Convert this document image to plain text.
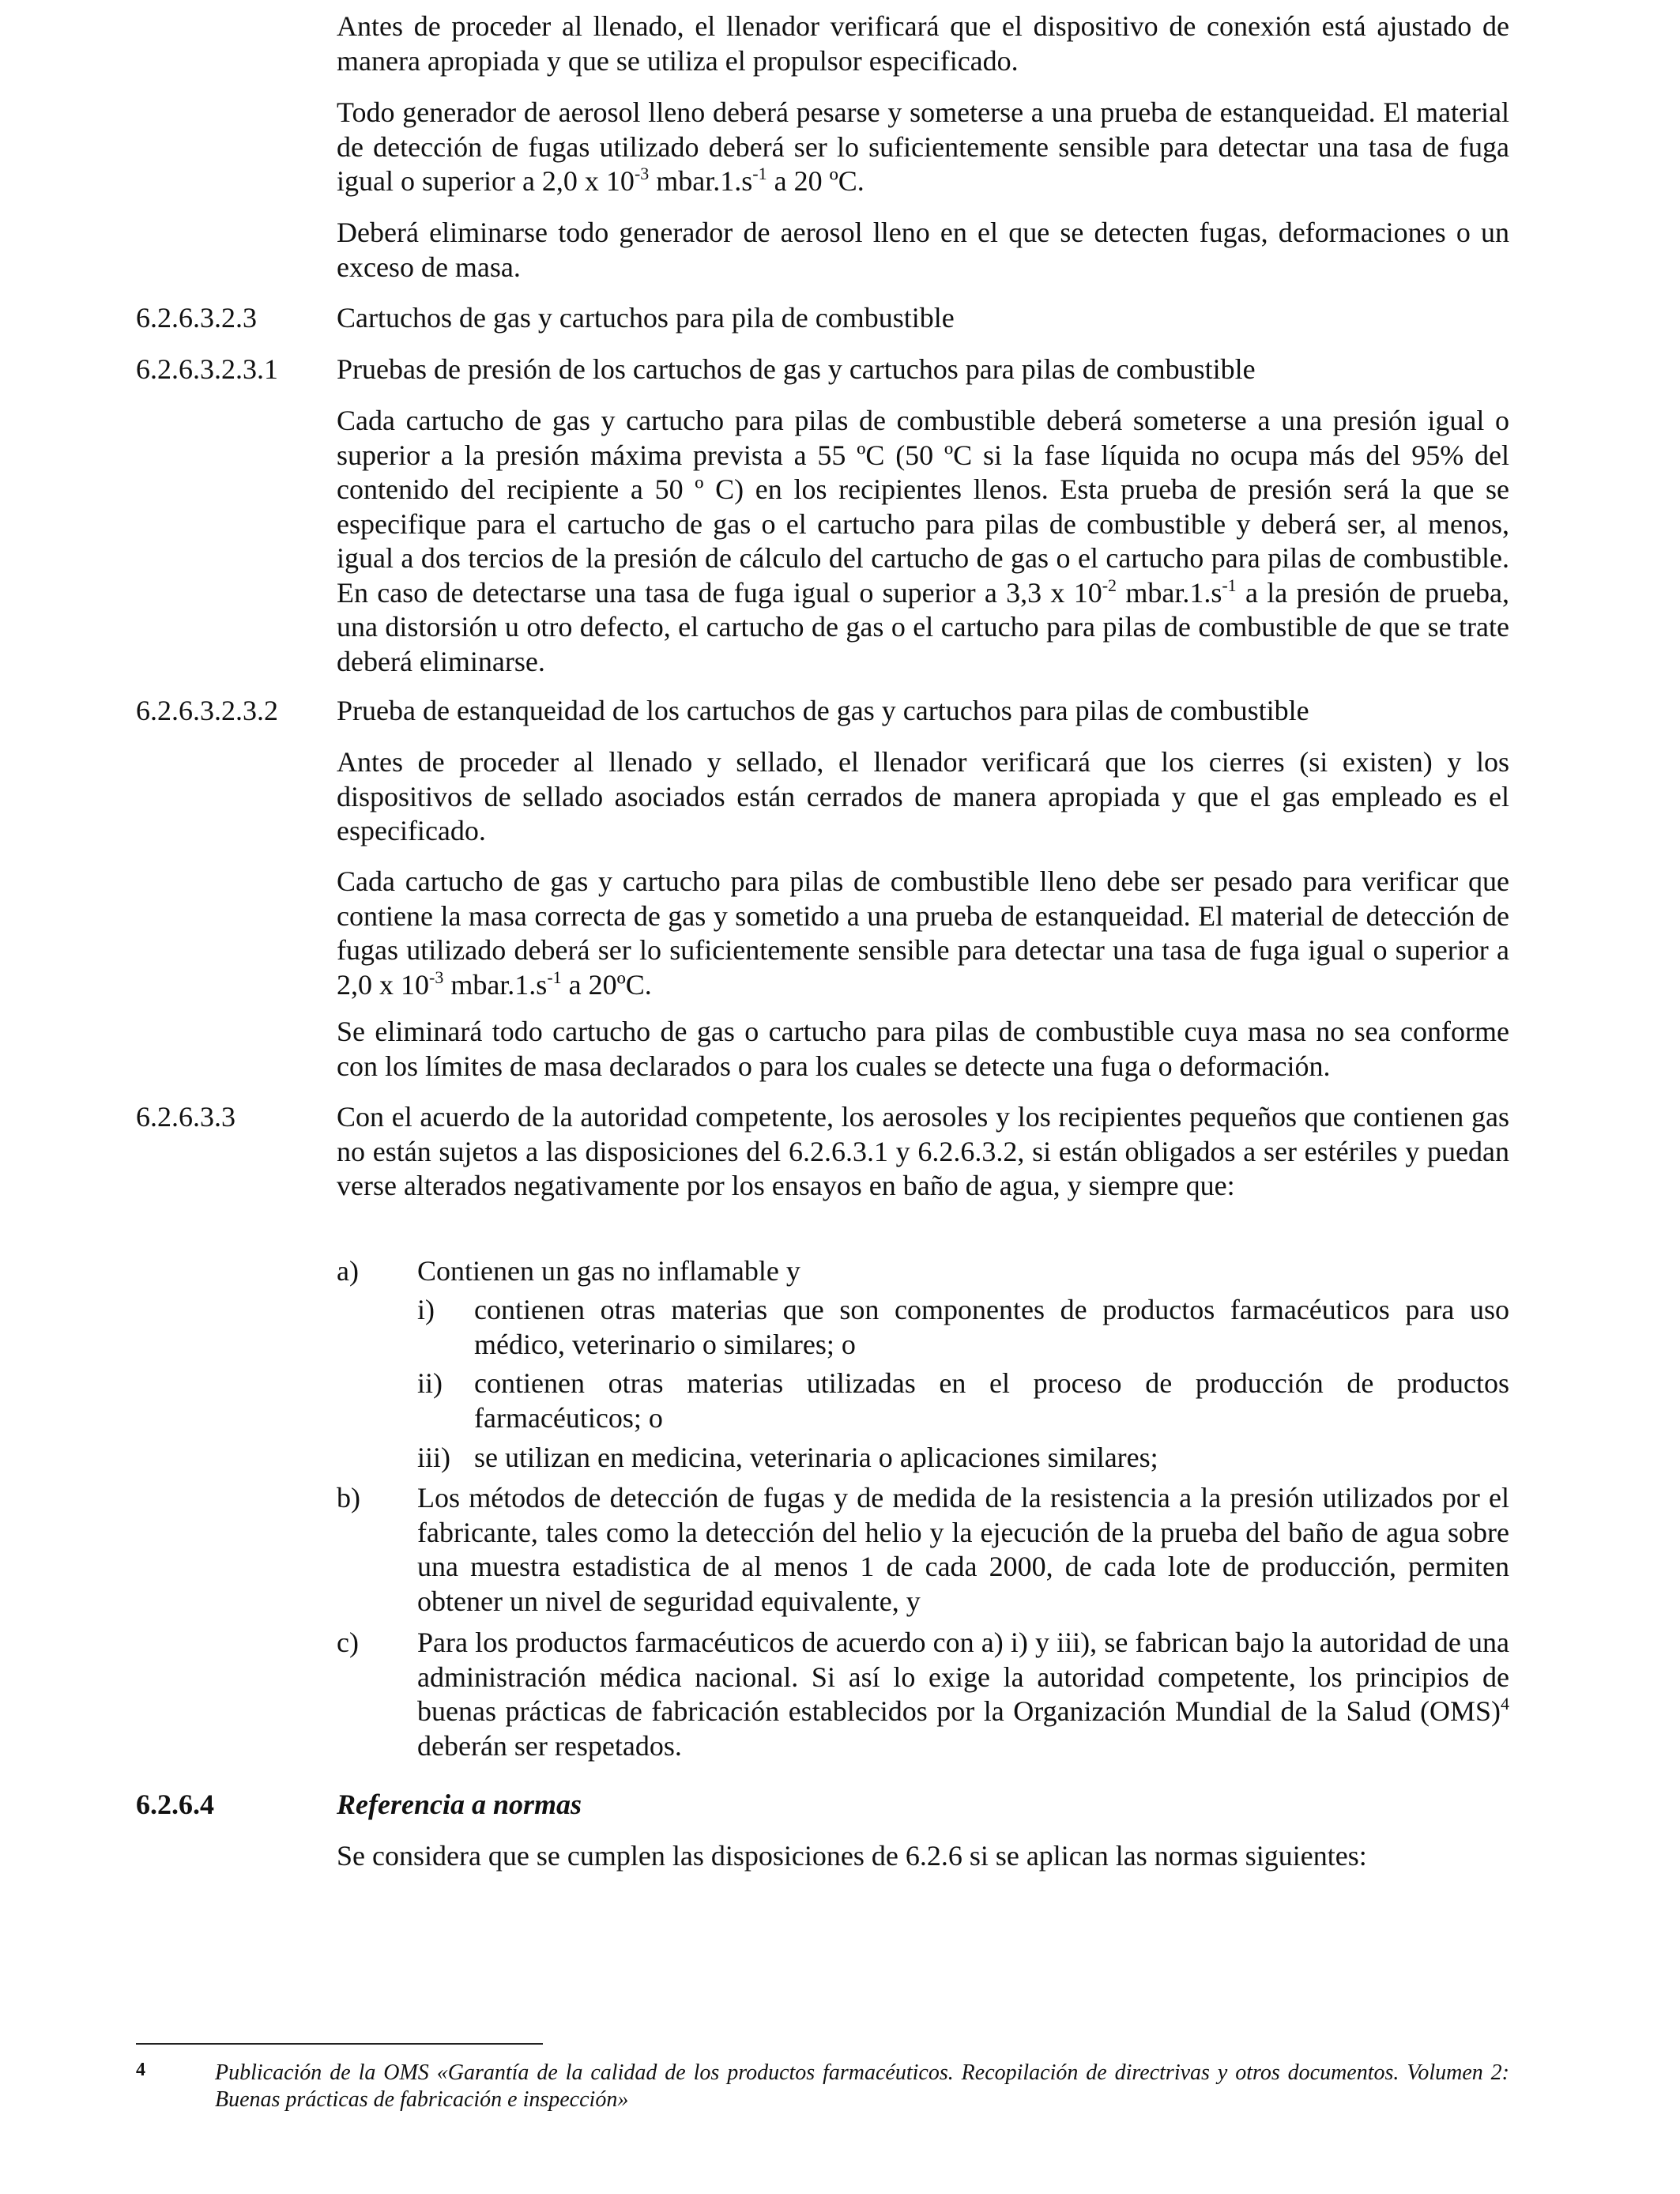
Antes de proceder al llenado, el llenador verificará que el dispositivo de conexión está ajustado de manera apropiada y que se utiliza el propulsor especificado.

Todo generador de aerosol lleno deberá pesarse y someterse a una prueba de estanqueidad. El material de detección de fugas utilizado deberá ser lo suficientemente sensible para detectar una tasa de fuga igual o superior a 2,0 x $10^{-3}$ $mbar.1.s^{-1}$ a 20 ºC.

Deberá eliminarse todo generador de aerosol lleno en el que se detecten fugas, deformaciones o un exceso de masa.

6.2.6.3.2.3	Cartuchos de gas y cartuchos para pila de combustible

6.2.6.3.2.3.1 Pruebas de presión de los cartuchos de gas y cartuchos para pilas de combustible

Cada cartucho de gas y cartucho para pilas de combustible deberá someterse a una presión igual o superior a la presión máxima prevista a 55 ºC (50 ºC si la fase líquida no ocupa más del 95% del contenido del recipiente a 50 º C) en los recipientes llenos. Esta prueba de presión será la que se especifique para el cartucho de gas o el cartucho para pilas de combustible y deberá ser, al menos, igual a dos tercios de la presión de cálculo del cartucho de gas o el cartucho para pilas de combustible. En caso de detectarse una tasa de fuga igual o superior a 3,3 x $10^{-2}$ $mbar.1.s^{-1}$ a la presión de prueba, una distorsión u otro defecto, el cartucho de gas o el cartucho para pilas de combustible de que se trate deberá eliminarse.

6.2.6.3.2.3.2 Prueba de estanqueidad de los cartuchos de gas y cartuchos para pilas de combustible

Antes de proceder al llenado y sellado, el llenador verificará que los cierres (si existen) y los dispositivos de sellado asociados están cerrados de manera apropiada y que el gas empleado es el especificado.

Cada cartucho de gas y cartucho para pilas de combustible lleno debe ser pesado para verificar que contiene la masa correcta de gas y sometido a una prueba de estanqueidad. El material de detección de fugas utilizado deberá ser lo suficientemente sensible para detectar una tasa de fuga igual o superior a 2,0 x $10^{-3}$ $mbar.1.s^{-1}$ a 20ºC.

Se eliminará todo cartucho de gas o cartucho para pilas de combustible cuya masa no sea conforme con los límites de masa declarados o para los cuales se detecte una fuga o deformación.

6.2.6.3.3	Con el acuerdo de la autoridad competente, los aerosoles y los recipientes pequeños que contienen gas no están sujetos a las disposiciones del 6.2.6.3.1 y 6.2.6.3.2, si están obligados a ser estériles y puedan verse alterados negativamente por los ensayos en baño de agua, y siempre que:

a) Contienen un gas no inflamable y

i) contienen otras materias que son componentes de productos farmacéuticos para uso médico, veterinario o similares; o

ii) contienen otras materias utilizadas en el proceso de producción de productos farmacéuticos; o

iii) se utilizan en medicina, veterinaria o aplicaciones similares;

b) Los métodos de detección de fugas y de medida de la resistencia a la presión utilizados por el fabricante, tales como la detección del helio y la ejecución de la prueba del baño de agua sobre una muestra estadistica de al menos 1 de cada 2000, de cada lote de producción, permiten obtener un nivel de seguridad equivalente, y

c) Para los productos farmacéuticos de acuerdo con a) i) y iii), se fabrican bajo la autoridad de una administración médica nacional. Si así lo exige la autoridad competente, los principios de buenas prácticas de fabricación establecidos por la Organización Mundial de la Salud (OMS)$^4$ deberán ser respetados.

6.2.6.4	Referencia a normas

Se considera que se cumplen las disposiciones de 6.2.6 si se aplican las normas siguientes:

4	Publicación de la OMS «Garantía de la calidad de los productos farmacéuticos. Recopilación de directrivas y otros documentos. Volumen 2: Buenas prácticas de fabricación e inspección»
